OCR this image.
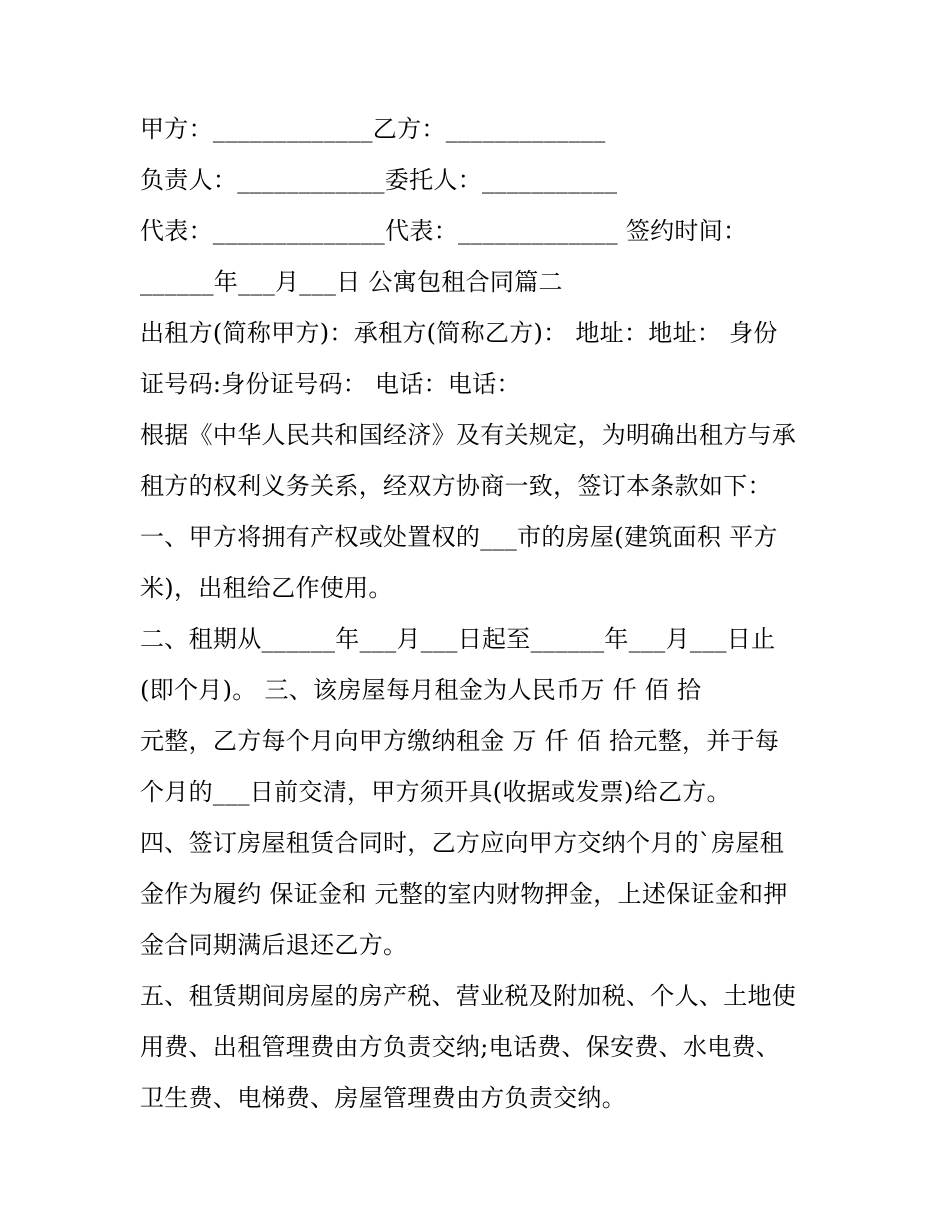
甲方：_____________乙方：_____________
负责人：____________委托人：___________
代表：______________代表：_____________ 签约时间：
______年___月___日 公寓包租合同篇二
出租方(简称甲方)：承租方(简称乙方)： 地址：地址： 身份
证号码:身份证号码： 电话：电话：
根据《中华人民共和国经济》及有关规定，为明确出租方与承
租方的权利义务关系，经双方协商一致，签订本条款如下：
一、甲方将拥有产权或处置权的___市的房屋(建筑面积 平方
米)，出租给乙作使用。
二、租期从______年___月___日起至______年___月___日止
(即个月)。 三、该房屋每月租金为人民币万 仟 佰 拾
元整，乙方每个月向甲方缴纳租金 万 仟 佰 拾元整，并于每
个月的___日前交清，甲方须开具(收据或发票)给乙方。
四、签订房屋租赁合同时，乙方应向甲方交纳个月的`房屋租
金作为履约 保证金和 元整的室内财物押金，上述保证金和押
金合同期满后退还乙方。
五、租赁期间房屋的房产税、营业税及附加税、个人、土地使
用费、出租管理费由方负责交纳;电话费、保安费、水电费、
卫生费、电梯费、房屋管理费由方负责交纳。
